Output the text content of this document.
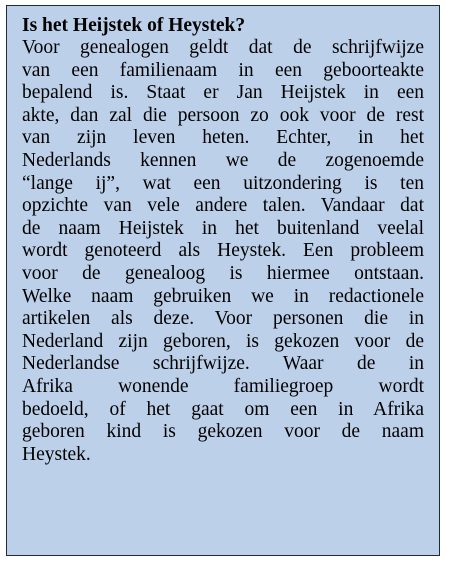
Is het Heijstek of Heystek?
Voor genealogen geldt dat de schrijfwijze
van een familienaam in een geboorteakte
bepalend is. Staat er Jan Heijstek in een
akte, dan zal die persoon zo ook voor de rest
van zijn leven heten. Echter, in het
Nederlands kennen we de zogenoemde
“lange ij”, wat een uitzondering is ten
opzichte van vele andere talen. Vandaar dat
de naam Heijstek in het buitenland veelal
wordt genoteerd als Heystek. Een probleem
voor de genealoog is hiermee ontstaan.
Welke naam gebruiken we in redactionele
artikelen als deze. Voor personen die in
Nederland zijn geboren, is gekozen voor de
Nederlandse schrijfwijze. Waar de in
Afrika wonende familiegroep wordt
bedoeld, of het gaat om een in Afrika
geboren kind is gekozen voor de naam
Heystek.
